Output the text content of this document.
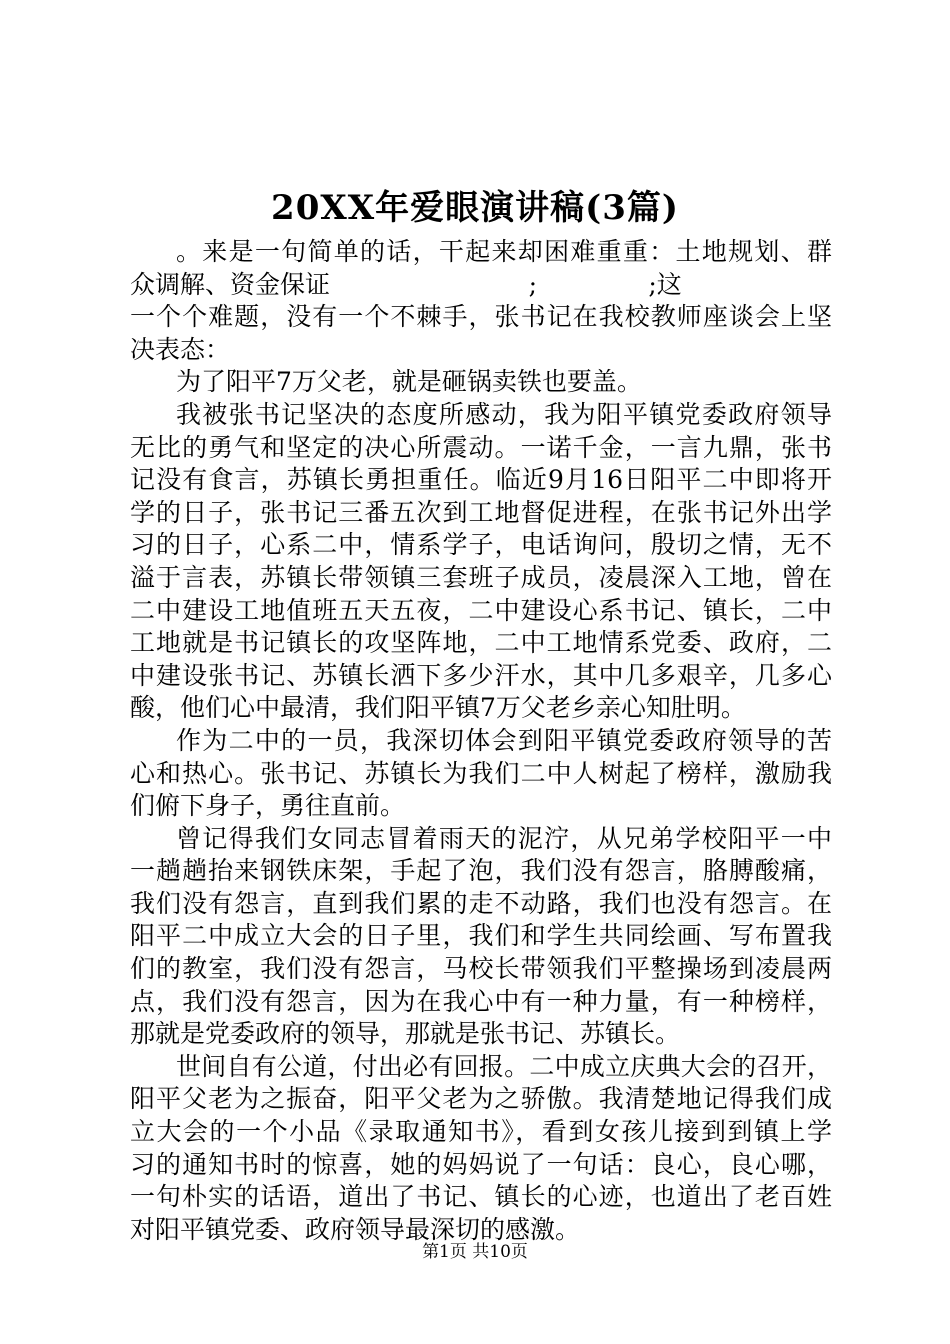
20XX年爱眼演讲稿(3篇)
。来是一句简单的话，干起来却困难重重：土地规划、群
众调解、资金保证                         ;              ;这
一个个难题，没有一个不棘手，张书记在我校教师座谈会上坚
决表态：
为了阳平7万父老，就是砸锅卖铁也要盖。
我被张书记坚决的态度所感动，我为阳平镇党委政府领导
无比的勇气和坚定的决心所震动。一诺千金，一言九鼎，张书
记没有食言，苏镇长勇担重任。临近9月16日阳平二中即将开
学的日子，张书记三番五次到工地督促进程，在张书记外出学
习的日子，心系二中，情系学子，电话询问，殷切之情，无不
溢于言表，苏镇长带领镇三套班子成员，凌晨深入工地，曾在
二中建设工地值班五天五夜，二中建设心系书记、镇长，二中
工地就是书记镇长的攻坚阵地，二中工地情系党委、政府，二
中建设张书记、苏镇长洒下多少汗水，其中几多艰辛，几多心
酸，他们心中最清，我们阳平镇7万父老乡亲心知肚明。
作为二中的一员，我深切体会到阳平镇党委政府领导的苦
心和热心。张书记、苏镇长为我们二中人树起了榜样，激励我
们俯下身子，勇往直前。
曾记得我们女同志冒着雨天的泥泞，从兄弟学校阳平一中
一趟趟抬来钢铁床架，手起了泡，我们没有怨言，胳膊酸痛，
我们没有怨言，直到我们累的走不动路，我们也没有怨言。在
阳平二中成立大会的日子里，我们和学生共同绘画、写布置我
们的教室，我们没有怨言，马校长带领我们平整操场到凌晨两
点，我们没有怨言，因为在我心中有一种力量，有一种榜样，
那就是党委政府的领导，那就是张书记、苏镇长。
世间自有公道，付出必有回报。二中成立庆典大会的召开，
阳平父老为之振奋，阳平父老为之骄傲。我清楚地记得我们成
立大会的一个小品《录取通知书》，看到女孩儿接到到镇上学
习的通知书时的惊喜，她的妈妈说了一句话：良心，良心哪，
一句朴实的话语，道出了书记、镇长的心迹，也道出了老百姓
对阳平镇党委、政府领导最深切的感激。
第1页 共10页
